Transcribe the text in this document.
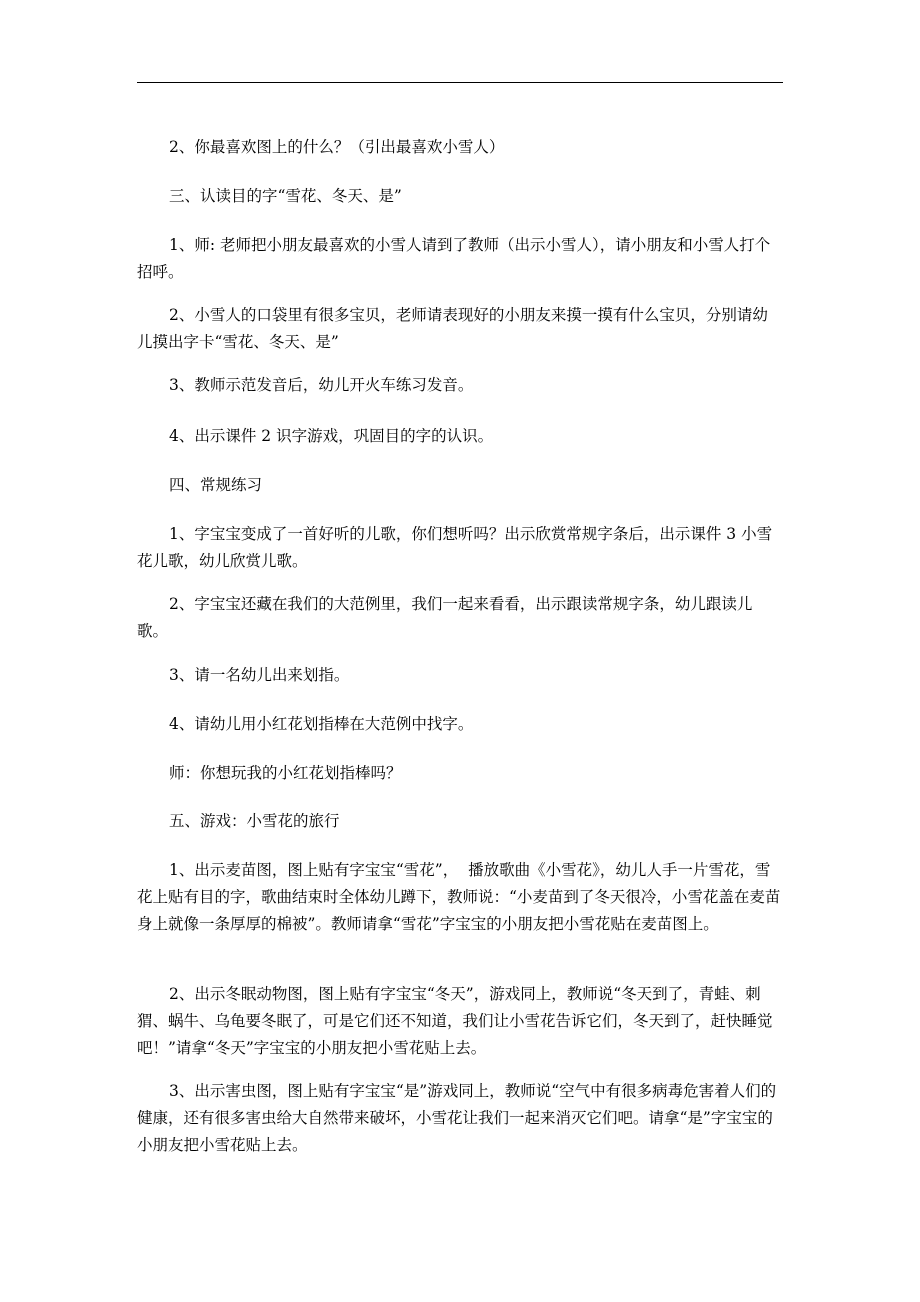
2、你最喜欢图上的什么？（引出最喜欢小雪人）

三、认读目的字“雪花、冬天、是”

1、师: 老师把小朋友最喜欢的小雪人请到了教师（出示小雪人），请小朋友和小雪人打个招呼。

2、小雪人的口袋里有很多宝贝，老师请表现好的小朋友来摸一摸有什么宝贝，分别请幼儿摸出字卡“雪花、冬天、是”

3、教师示范发音后，幼儿开火车练习发音。

4、出示课件 2 识字游戏，巩固目的字的认识。

四、常规练习

1、字宝宝变成了一首好听的儿歌，你们想听吗？出示欣赏常规字条后，出示课件 3 小雪花儿歌，幼儿欣赏儿歌。

2、字宝宝还藏在我们的大范例里，我们一起来看看，出示跟读常规字条，幼儿跟读儿歌。

3、请一名幼儿出来划指。

4、请幼儿用小红花划指棒在大范例中找字。

师：你想玩我的小红花划指棒吗？

五、游戏：小雪花的旅行

1、出示麦苗图，图上贴有字宝宝“雪花”，  播放歌曲《小雪花》，幼儿人手一片雪花，雪花上贴有目的字，歌曲结束时全体幼儿蹲下，教师说：“小麦苗到了冬天很冷，小雪花盖在麦苗身上就像一条厚厚的棉被”。教师请拿“雪花”字宝宝的小朋友把小雪花贴在麦苗图上。

2、出示冬眠动物图，图上贴有字宝宝“冬天”，游戏同上，教师说“冬天到了，青蛙、刺猬、蜗牛、乌龟要冬眠了，可是它们还不知道，我们让小雪花告诉它们，冬天到了，赶快睡觉吧！”请拿“冬天”字宝宝的小朋友把小雪花贴上去。

3、出示害虫图，图上贴有字宝宝“是”游戏同上，教师说“空气中有很多病毒危害着人们的健康，还有很多害虫给大自然带来破坏，小雪花让我们一起来消灭它们吧。请拿“是”字宝宝的小朋友把小雪花贴上去。
